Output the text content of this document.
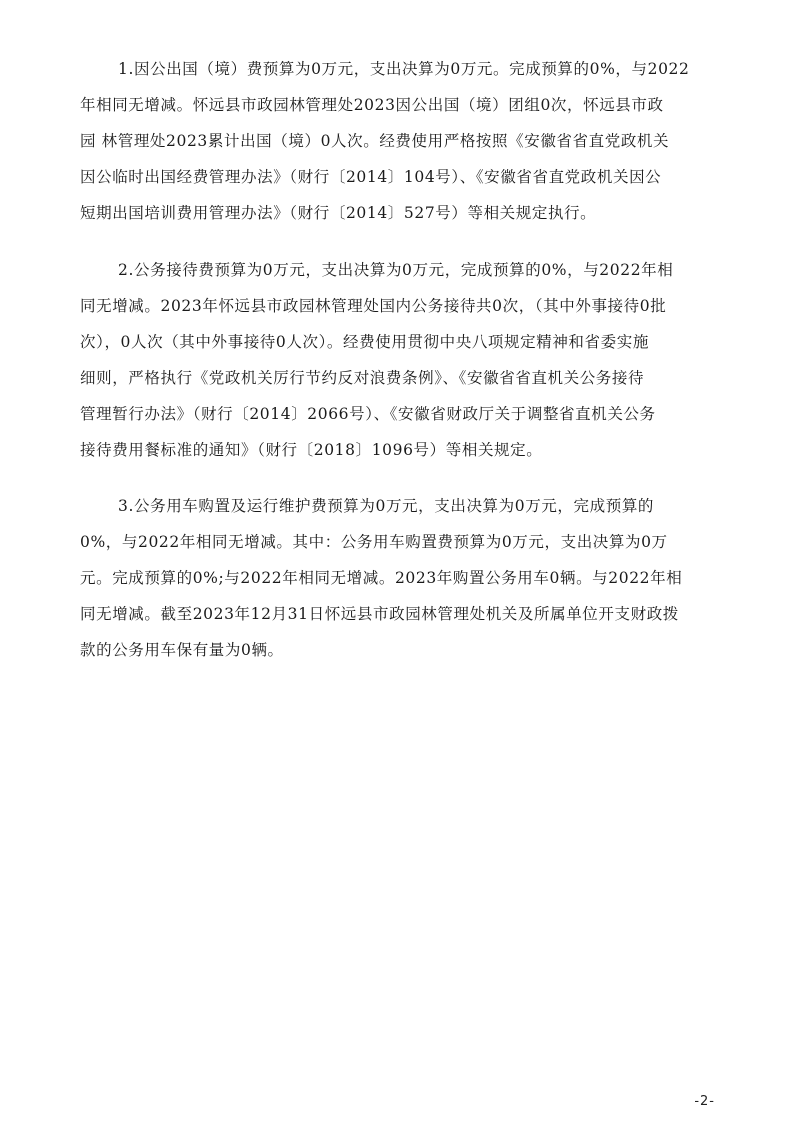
1.因公出国（境）费预算为0万元，支出决算为0万元。完成预算的0%，与2022
年相同无增减。怀远县市政园林管理处2023因公出国（境）团组0次，怀远县市政
园 林管理处2023累计出国（境）0人次。经费使用严格按照《安徽省省直党政机关
因公临时出国经费管理办法》（财行〔2014〕104号）、《安徽省省直党政机关因公
短期出国培训费用管理办法》（财行〔2014〕527号）等相关规定执行。
2.公务接待费预算为0万元，支出决算为0万元，完成预算的0%，与2022年相
同无增减。2023年怀远县市政园林管理处国内公务接待共0次，（其中外事接待0批
次），0人次（其中外事接待0人次）。经费使用贯彻中央八项规定精神和省委实施
细则，严格执行《党政机关厉行节约反对浪费条例》、《安徽省省直机关公务接待
管理暂行办法》（财行〔2014〕2066号）、《安徽省财政厅关于调整省直机关公务
接待费用餐标准的通知》（财行〔2018〕1096号）等相关规定。
3.公务用车购置及运行维护费预算为0万元，支出决算为0万元，完成预算的
0%，与2022年相同无增减。其中：公务用车购置费预算为0万元，支出决算为0万
元。完成预算的0%;与2022年相同无增减。2023年购置公务用车0辆。与2022年相
同无增减。截至2023年12月31日怀远县市政园林管理处机关及所属单位开支财政拨
款的公务用车保有量为0辆。
-2-
